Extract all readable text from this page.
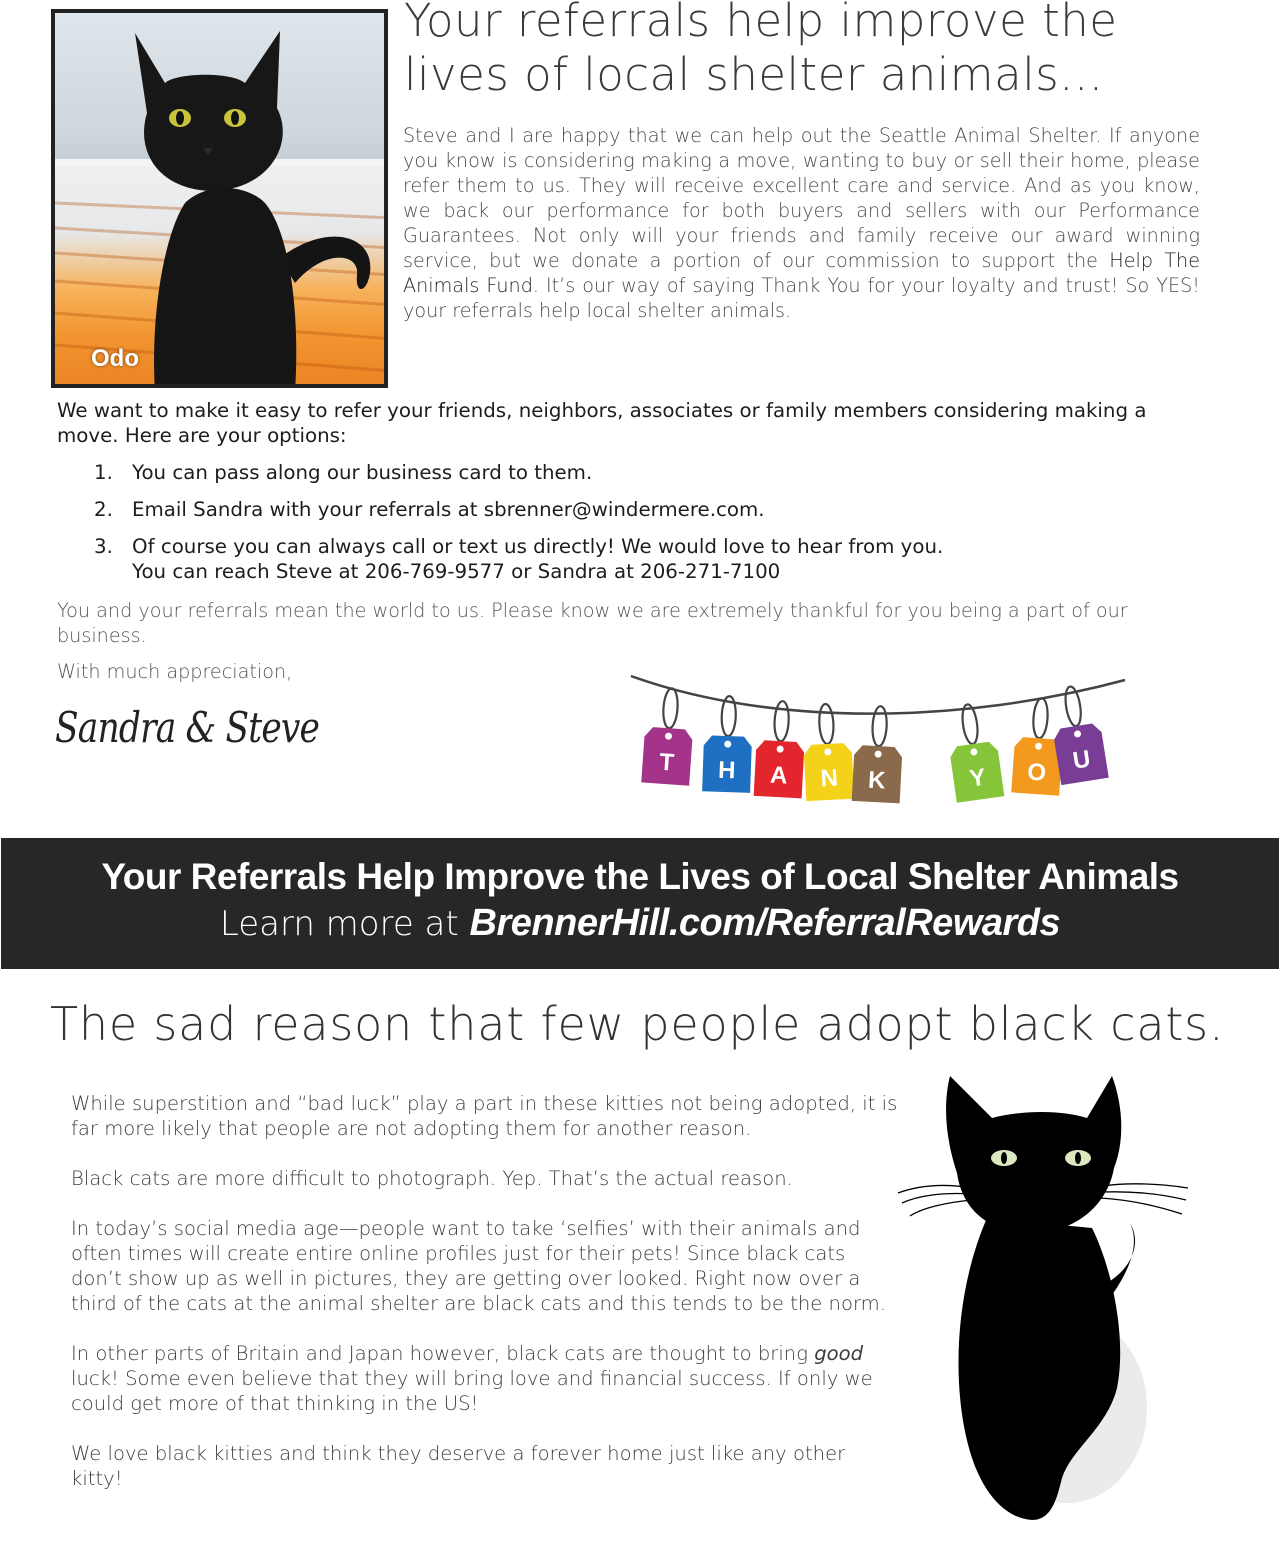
Odo
Your referrals help improve the
lives of local shelter animals...

Steve and I are happy that we can help out the Seattle Animal Shelter. If anyone you know is considering making a move, wanting to buy or sell their home, please refer them to us. They will receive excellent care and service. And as you know, we back our performance for both buyers and sellers with our Performance Guarantees. Not only will your friends and family receive our award winning service, but we donate a portion of our commission to support the Help The Animals Fund. It’s our way of saying Thank You for your loyalty and trust! So YES! your referrals help local shelter animals.

We want to make it easy to refer your friends, neighbors, associates or family members considering making a move. Here are your options:

1. You can pass along our business card to them.
2. Email Sandra with your referrals at sbrenner@windermere.com.
3. Of course you can always call or text us directly! We would love to hear from you.
You can reach Steve at 206-769-9577 or Sandra at 206-271-7100

You and your referrals mean the world to us. Please know we are extremely thankful for you being a part of our business.

With much appreciation,

Sandra & Steve
T H A N K	Y O U
Your Referrals Help Improve the Lives of Local Shelter Animals
Learn more at BrennerHill.com/ReferralRewards
The sad reason that few people adopt black cats.

While superstition and “bad luck” play a part in these kitties not being adopted, it is far more likely that people are not adopting them for another reason.

Black cats are more difficult to photograph. Yep. That’s the actual reason.

In today’s social media age—people want to take ‘selfies’ with their animals and often times will create entire online profiles just for their pets! Since black cats don’t show up as well in pictures, they are getting over looked. Right now over a third of the cats at the animal shelter are black cats and this tends to be the norm.

In other parts of Britain and Japan however, black cats are thought to bring good luck! Some even believe that they will bring love and financial success. If only we could get more of that thinking in the US!

We love black kitties and think they deserve a forever home just like any other kitty!
